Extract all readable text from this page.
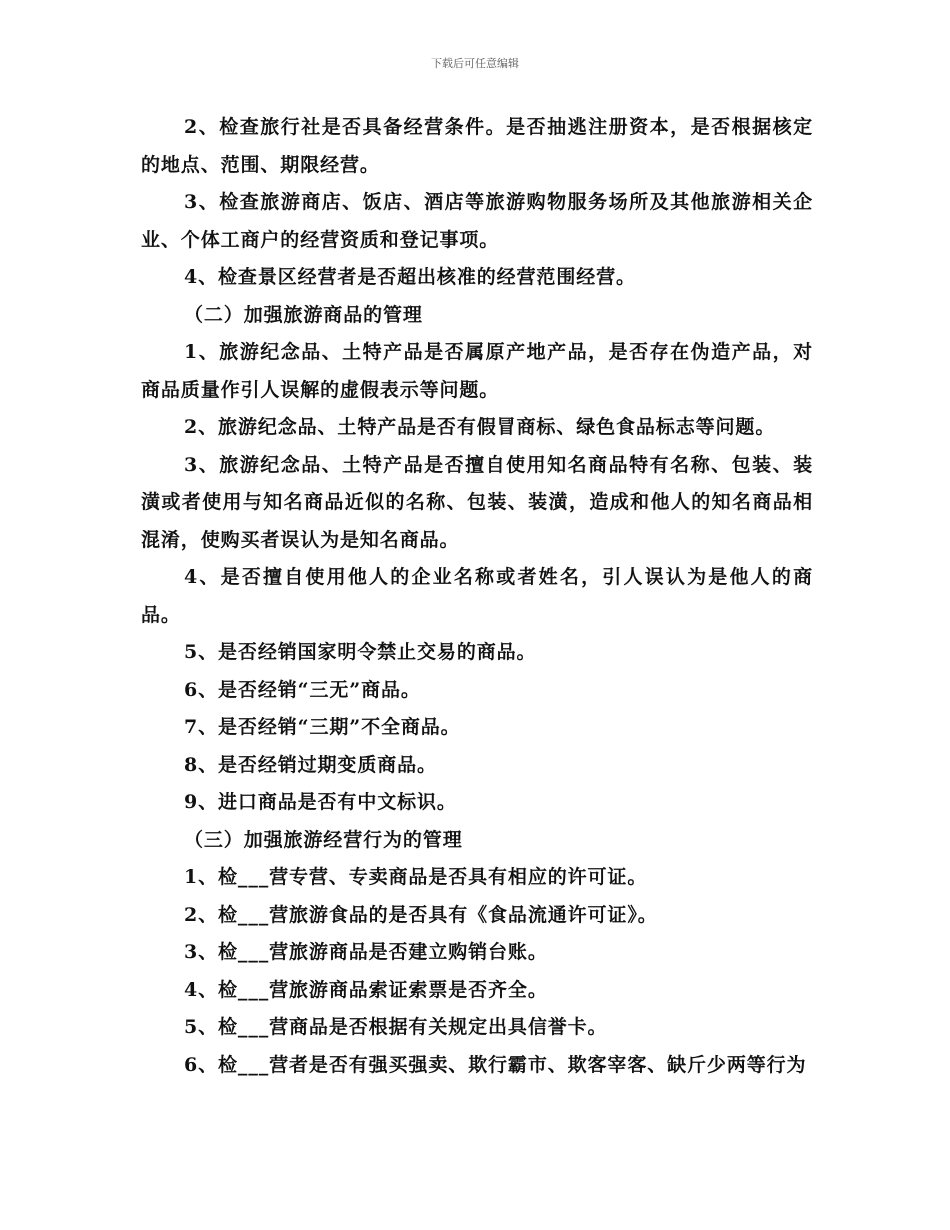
下载后可任意编辑

2、检查旅行社是否具备经营条件。是否抽逃注册资本，是否根据核定的地点、范围、期限经营。

3、检查旅游商店、饭店、酒店等旅游购物服务场所及其他旅游相关企业、个体工商户的经营资质和登记事项。

4、检查景区经营者是否超出核准的经营范围经营。

（二）加强旅游商品的管理

1、旅游纪念品、土特产品是否属原产地产品，是否存在伪造产品，对商品质量作引人误解的虚假表示等问题。

2、旅游纪念品、土特产品是否有假冒商标、绿色食品标志等问题。

3、旅游纪念品、土特产品是否擅自使用知名商品特有名称、包装、装潢或者使用与知名商品近似的名称、包装、装潢，造成和他人的知名商品相混淆，使购买者误认为是知名商品。

4、是否擅自使用他人的企业名称或者姓名，引人误认为是他人的商品。

5、是否经销国家明令禁止交易的商品。

6、是否经销“三无”商品。

7、是否经销“三期”不全商品。

8、是否经销过期变质商品。

9、进口商品是否有中文标识。

（三）加强旅游经营行为的管理

1、检___营专营、专卖商品是否具有相应的许可证。

2、检___营旅游食品的是否具有《食品流通许可证》。

3、检___营旅游商品是否建立购销台账。

4、检___营旅游商品索证索票是否齐全。

5、检___营商品是否根据有关规定出具信誉卡。

6、检___营者是否有强买强卖、欺行霸市、欺客宰客、缺斤少两等行为
